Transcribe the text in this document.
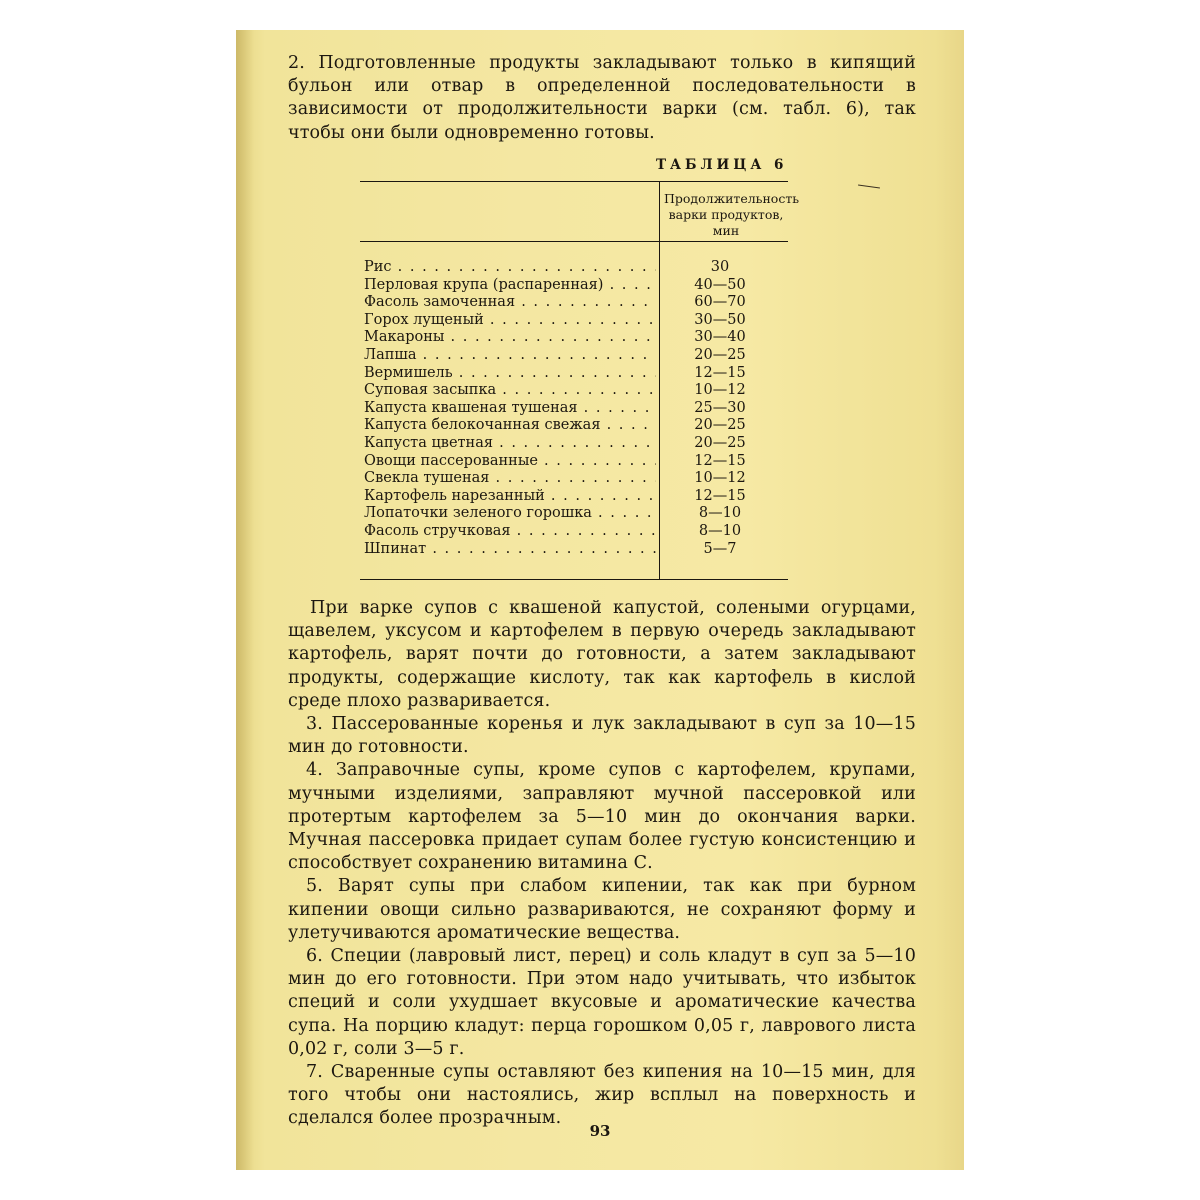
2. Подготовленные продукты закладывают только в кипящий бульон или отвар в определенной последовательности в зависимости от продолжительности варки (см. табл. 6), так чтобы они были одновременно готовы.

ТАБЛИЦА 6
Продолжительность варки продуктов, мин
Рис . . .	30
Перловая крупа (распаренная) . . .	40—50
Фасоль замоченная . . .	60—70
Горох лущеный . . .	30—50
Макароны . . .	30—40
Лапша . . .	20—25
Вермишель . . .	12—15
Суповая засыпка . . .	10—12
Капуста квашеная тушеная . . .	25—30
Капуста белокочанная свежая . . .	20—25
Капуста цветная . . .	20—25
Овощи пассерованные . . .	12—15
Свекла тушеная . . .	10—12
Картофель нарезанный . . .	12—15
Лопаточки зеленого горошка . . .	8—10
Фасоль стручковая . . .	8—10
Шпинат . . .	5—7

При варке супов с квашеной капустой, солеными огурцами, щавелем, уксусом и картофелем в первую очередь закладывают картофель, варят почти до готовности, а затем закладывают продукты, содержащие кислоту, так как картофель в кислой среде плохо разваривается.

3. Пассерованные коренья и лук закладывают в суп за 10—15 мин до готовности.

4. Заправочные супы, кроме супов с картофелем, крупами, мучными изделиями, заправляют мучной пассеровкой или протертым картофелем за 5—10 мин до окончания варки. Мучная пассеровка придает супам более густую консистенцию и способствует сохранению витамина С.

5. Варят супы при слабом кипении, так как при бурном кипении овощи сильно развариваются, не сохраняют форму и улетучиваются ароматические вещества.

6. Специи (лавровый лист, перец) и соль кладут в суп за 5—10 мин до его готовности. При этом надо учитывать, что избыток специй и соли ухудшает вкусовые и ароматические качества супа. На порцию кладут: перца горошком 0,05 г, лаврового листа 0,02 г, соли 3—5 г.

7. Сваренные супы оставляют без кипения на 10—15 мин, для того чтобы они настоялись, жир всплыл на поверхность и сделался более прозрачным.

93
